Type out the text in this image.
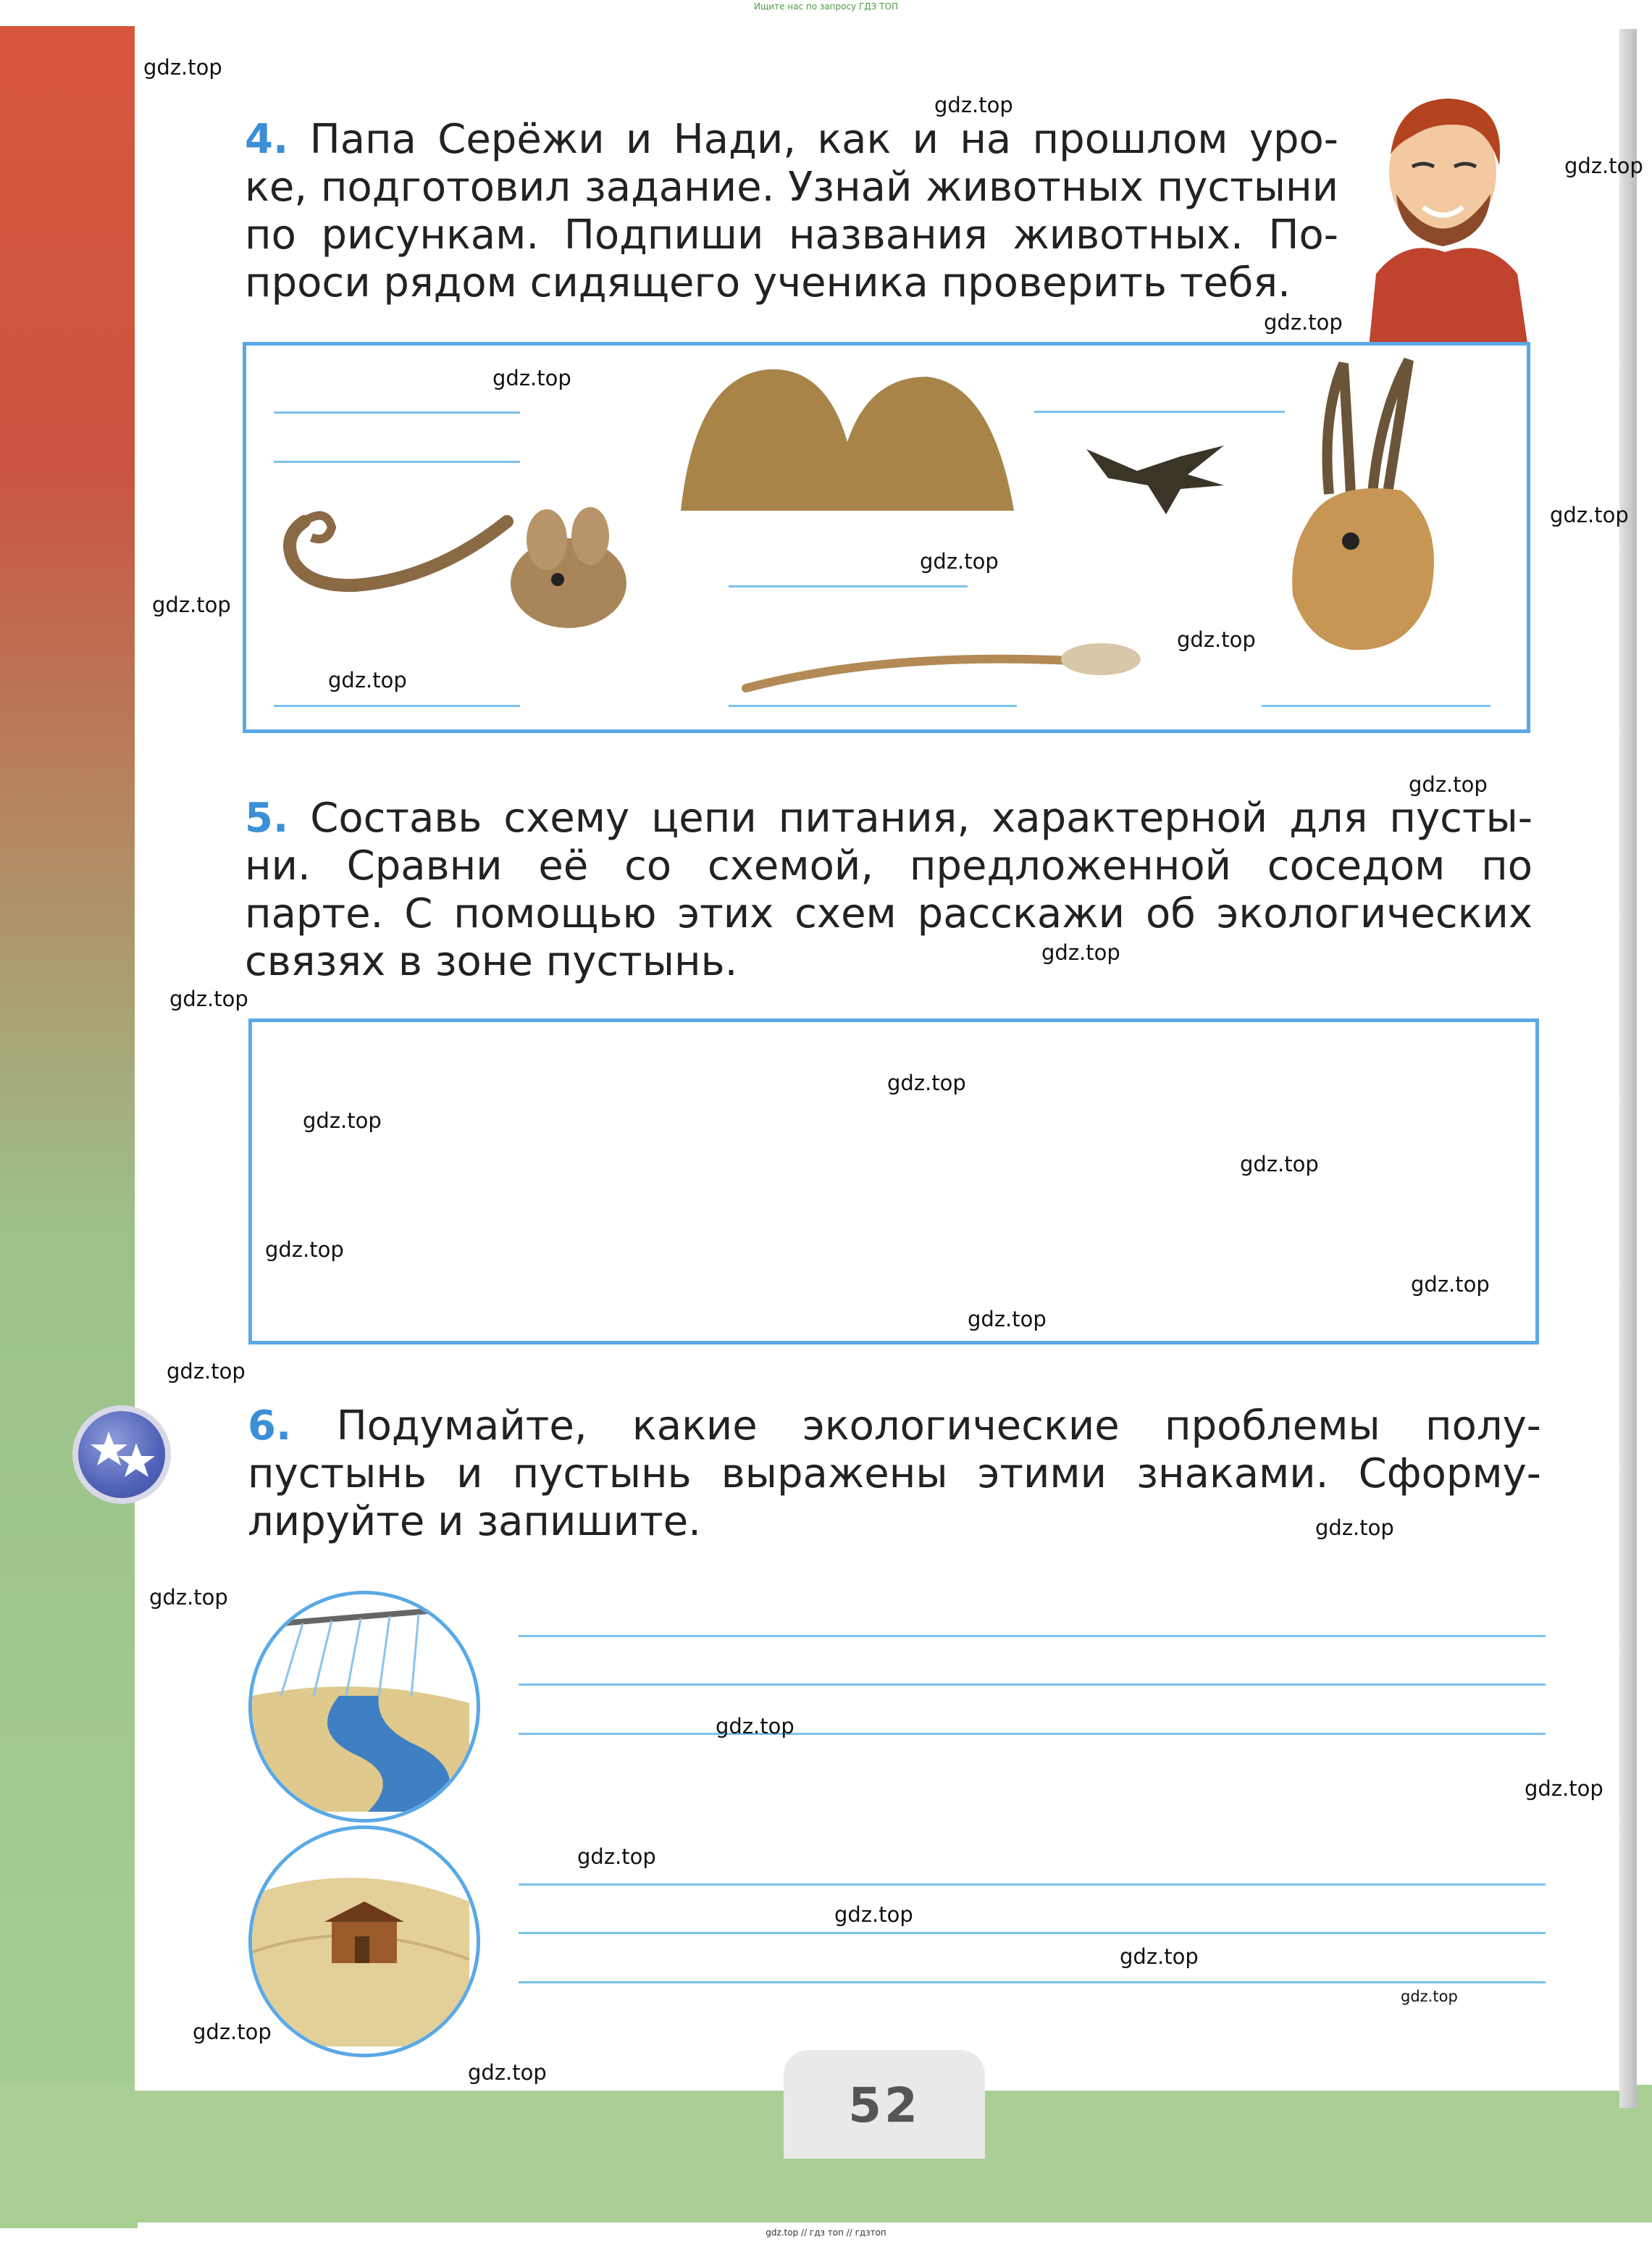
Ищите нас по запросу ГДЗ ТОП
4. Папа Серёжи и Нади, как и на прошлом уро-
ке, подготовил задание. Узнай животных пустыни
по рисункам. Подпиши названия животных. По-
проси рядом сидящего ученика проверить тебя.
5. Составь схему цепи питания, характерной для пусты-
ни. Сравни её со схемой, предложенной соседом по
парте. С помощью этих схем расскажи об экологических
связях в зоне пустынь.
6. Подумайте, какие экологические проблемы полу-
пустынь и пустынь выражены этими знаками. Сформу-
лируйте и запишите.
52
gdz.top
gdz.top
gdz.top
gdz.top
gdz.top
gdz.top
gdz.top
gdz.top
gdz.top
gdz.top
gdz.top
gdz.top
gdz.top
gdz.top
gdz.top
gdz.top
gdz.top
gdz.top
gdz.top
gdz.top
gdz.top
gdz.top
gdz.top
gdz.top
gdz.top
gdz.top
gdz.top
gdz.top
gdz.top
gdz.top
gdz.top // гдз топ // гдзтоп
